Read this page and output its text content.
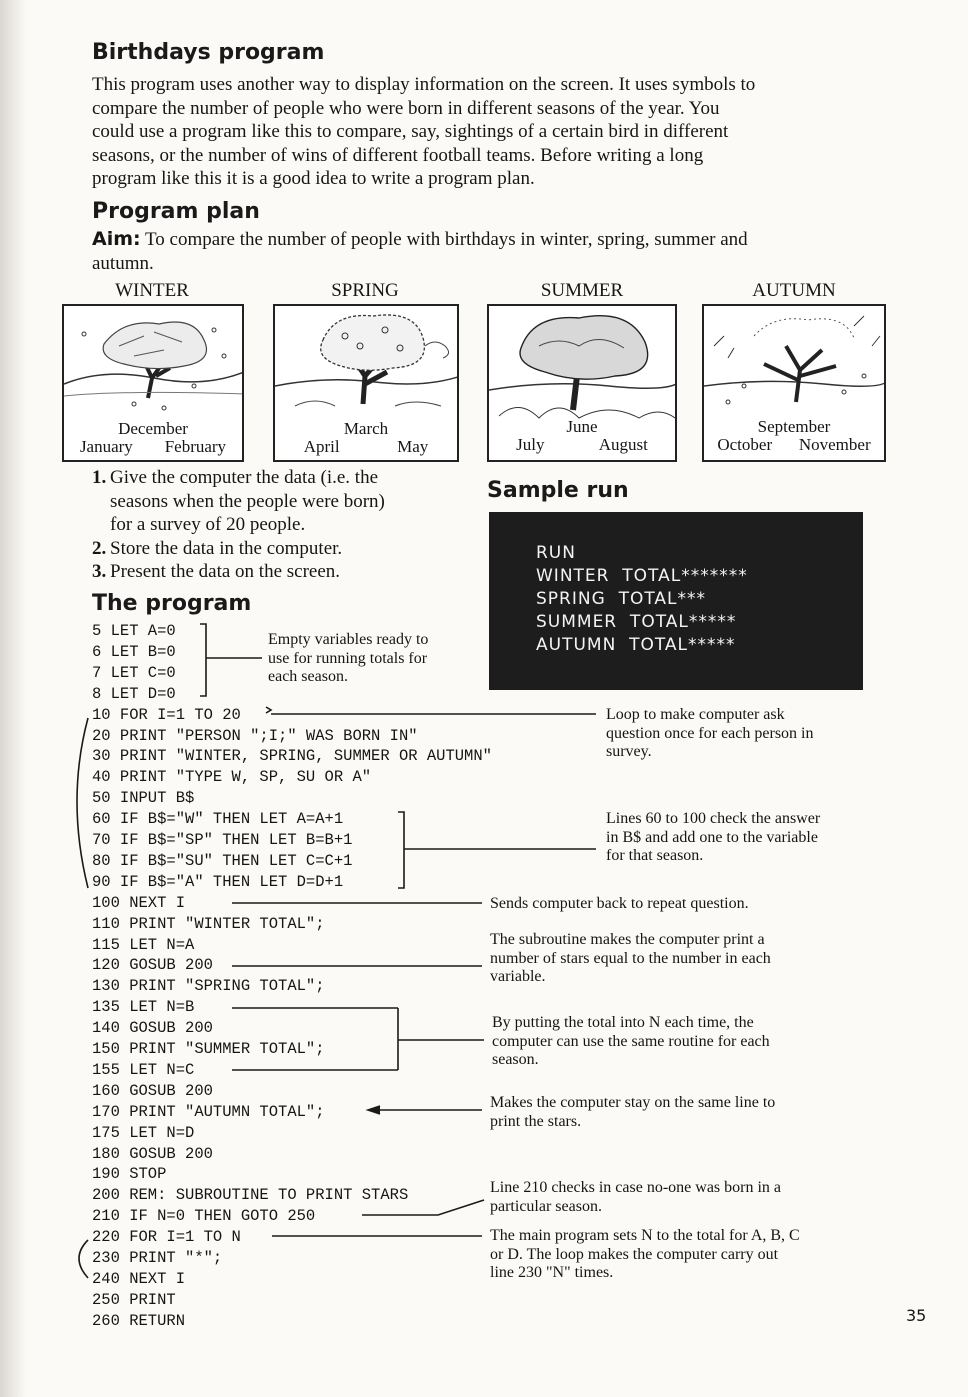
Birthdays program
This program uses another way to display information on the screen. It uses symbols to
compare the number of people who were born in different seasons of the year. You
could use a program like this to compare, say, sightings of a certain bird in different
seasons, or the number of wins of different football teams. Before writing a long
program like this it is a good idea to write a program plan.
Program plan
Aim: To compare the number of people with birthdays in winter, spring, summer and
autumn.
WINTER	SPRING	SUMMER	AUTUMN
December
January February
March
April	May
June
July	August
September
October November
1. Give the computer the data (i.e. the
seasons when the people were born)
for a survey of 20 people.
2. Store the data in the computer.
3. Present the data on the screen.
Sample run
RUN
WINTER  TOTAL*******
SPRING  TOTAL***
SUMMER  TOTAL*****
AUTUMN  TOTAL*****
The program
5 LET A=0
6 LET B=0
7 LET C=0
8 LET D=0
10 FOR I=1 TO 20
20 PRINT "PERSON ";I;" WAS BORN IN"
30 PRINT "WINTER, SPRING, SUMMER OR AUTUMN"
40 PRINT "TYPE W, SP, SU OR A"
50 INPUT B$
60 IF B$="W" THEN LET A=A+1
70 IF B$="SP" THEN LET B=B+1
80 IF B$="SU" THEN LET C=C+1
90 IF B$="A" THEN LET D=D+1
100 NEXT I
110 PRINT "WINTER TOTAL";
115 LET N=A
120 GOSUB 200
130 PRINT "SPRING TOTAL";
135 LET N=B
140 GOSUB 200
150 PRINT "SUMMER TOTAL";
155 LET N=C
160 GOSUB 200
170 PRINT "AUTUMN TOTAL";
175 LET N=D
180 GOSUB 200
190 STOP
200 REM: SUBROUTINE TO PRINT STARS
210 IF N=0 THEN GOTO 250
220 FOR I=1 TO N
230 PRINT "*";
240 NEXT I
250 PRINT
260 RETURN
Empty variables ready to
use for running totals for
each season.
Loop to make computer ask
question once for each person in
survey.
Lines 60 to 100 check the answer
in B$ and add one to the variable
for that season.
Sends computer back to repeat question.
The subroutine makes the computer print a
number of stars equal to the number in each
variable.
By putting the total into N each time, the
computer can use the same routine for each
season.
Makes the computer stay on the same line to
print the stars.
Line 210 checks in case no-one was born in a
particular season.
The main program sets N to the total for A, B, C
or D. The loop makes the computer carry out
line 230 "N" times.
35
